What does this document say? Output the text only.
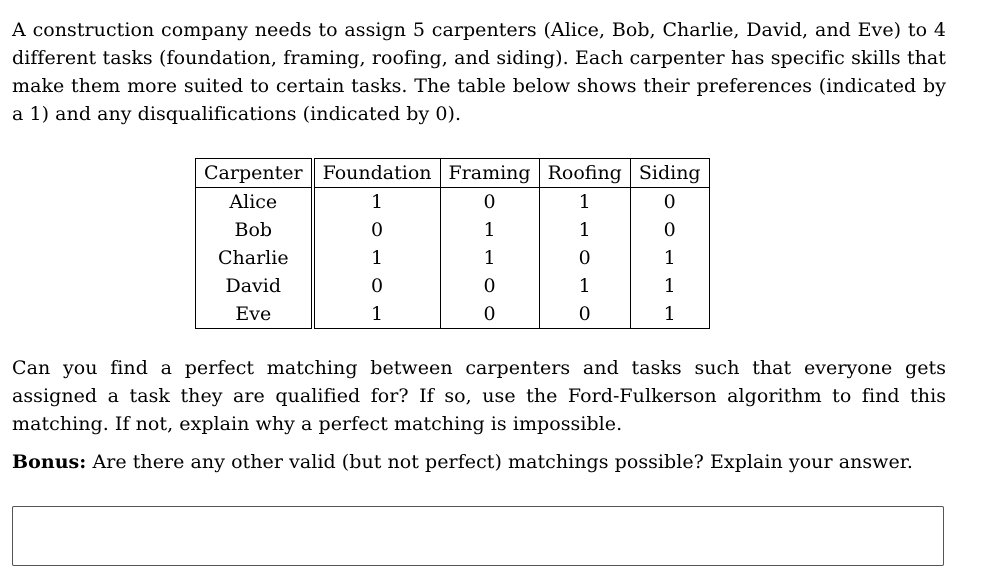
A construction company needs to assign 5 carpenters (Alice, Bob, Charlie, David, and Eve) to 4 different tasks (foundation, framing, roofing, and siding). Each carpenter has specific skills that make them more suited to certain tasks. The table below shows their preferences (indicated by a 1) and any disqualifications (indicated by 0).

Carpenter	Foundation	Framing	Roofing	Siding
Alice	1	0	1	0
Bob	0	1	1	0
Charlie	1	1	0	1
David	0	0	1	1
Eve	1	0	0	1

Can you find a perfect matching between carpenters and tasks such that everyone gets assigned a task they are qualified for? If so, use the Ford-Fulkerson algorithm to find this matching. If not, explain why a perfect matching is impossible.

Bonus: Are there any other valid (but not perfect) matchings possible? Explain your answer.
